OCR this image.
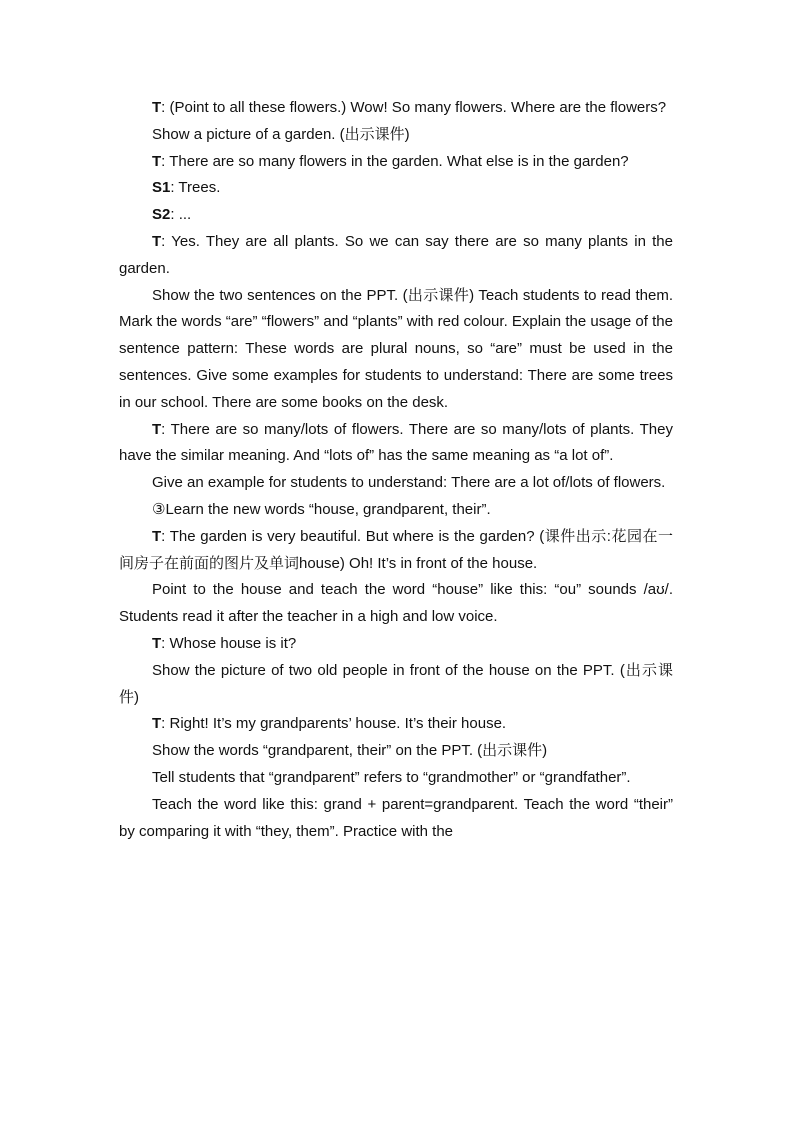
T: (Point to all these flowers.) Wow! So many flowers. Where are the flowers?

Show a picture of a garden. (出示课件)

T: There are so many flowers in the garden. What else is in the garden?

S1: Trees.

S2: ...

T: Yes. They are all plants. So we can say there are so many plants in the garden.

Show the two sentences on the PPT. (出示课件) Teach students to read them. Mark the words “are” “flowers” and “plants” with red colour. Explain the usage of the sentence pattern: These words are plural nouns, so “are” must be used in the sentences. Give some examples for students to understand: There are some trees in our school. There are some books on the desk.

T: There are so many/lots of flowers. There are so many/lots of plants. They have the similar meaning. And “lots of” has the same meaning as “a lot of”.

Give an example for students to understand: There are a lot of/lots of flowers.

③Learn the new words “house, grandparent, their”.

T: The garden is very beautiful. But where is the garden? (课件出示:花园在一间房子在前面的图片及单词house) Oh! It’s in front of the house.

Point to the house and teach the word “house” like this: “ou” sounds /aʊ/. Students read it after the teacher in a high and low voice.

T: Whose house is it?

Show the picture of two old people in front of the house on the PPT. (出示课件)

T: Right! It’s my grandparents’ house. It’s their house.

Show the words “grandparent, their” on the PPT. (出示课件)

Tell students that “grandparent” refers to “grandmother” or “grandfather”.

Teach the word like this: grand + parent=grandparent. Teach the word “their” by comparing it with “they, them”. Practice with the
